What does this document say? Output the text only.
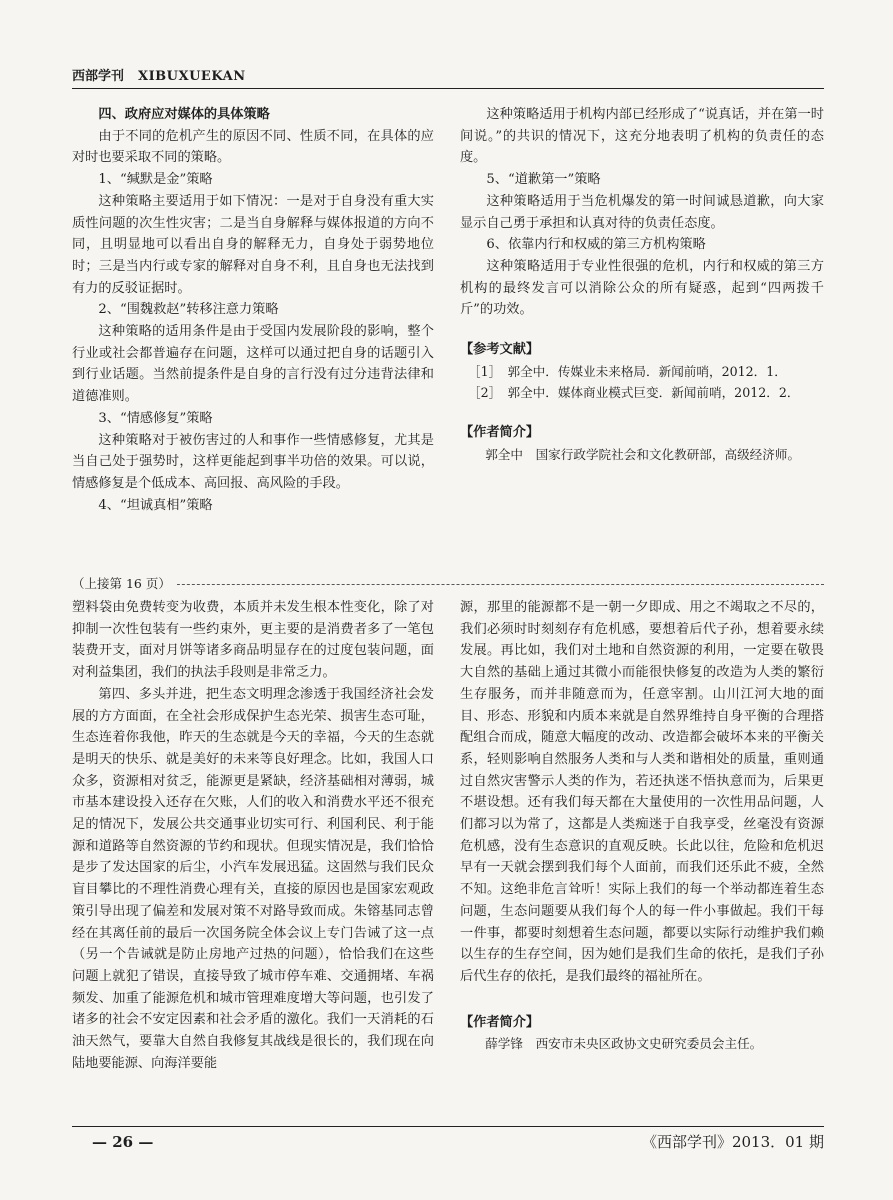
西部学刊 XIBUXUEKAN

四、政府应对媒体的具体策略

由于不同的危机产生的原因不同、性质不同，在具体的应对时也要采取不同的策略。

1、“缄默是金”策略

这种策略主要适用于如下情况：一是对于自身没有重大实质性问题的次生性灾害；二是当自身解释与媒体报道的方向不同，且明显地可以看出自身的解释无力，自身处于弱势地位时；三是当内行或专家的解释对自身不利，且自身也无法找到有力的反驳证据时。

2、“围魏救赵”转移注意力策略

这种策略的适用条件是由于受国内发展阶段的影响，整个行业或社会都普遍存在问题，这样可以通过把自身的话题引入到行业话题。当然前提条件是自身的言行没有过分违背法律和道德准则。

3、“情感修复”策略

这种策略对于被伤害过的人和事作一些情感修复，尤其是当自己处于强势时，这样更能起到事半功倍的效果。可以说，情感修复是个低成本、高回报、高风险的手段。

4、“坦诚真相”策略

这种策略适用于机构内部已经形成了“说真话，并在第一时间说。”的共识的情况下，这充分地表明了机构的负责任的态度。

5、“道歉第一”策略

这种策略适用于当危机爆发的第一时间诚恳道歉，向大家显示自己勇于承担和认真对待的负责任态度。

6、依靠内行和权威的第三方机构策略

这种策略适用于专业性很强的危机，内行和权威的第三方机构的最终发言可以消除公众的所有疑惑，起到“四两拨千斤”的功效。

【参考文献】

［1］　郭全中．传媒业未来格局．新闻前哨，2012．1．

［2］　郭全中．媒体商业模式巨变．新闻前哨，2012．2．

【作者简介】

郭全中　国家行政学院社会和文化教研部，高级经济师。

（上接第 16 页）

塑料袋由免费转变为收费，本质并未发生根本性变化，除了对抑制一次性包装有一些约束外，更主要的是消费者多了一笔包装费开支，面对月饼等诸多商品明显存在的过度包装问题，面对利益集团，我们的执法手段则是非常乏力。

第四、多头并进，把生态文明理念渗透于我国经济社会发展的方方面面，在全社会形成保护生态光荣、损害生态可耻，生态连着你我他，昨天的生态就是今天的幸福，今天的生态就是明天的快乐、就是美好的未来等良好理念。比如，我国人口众多，资源相对贫乏，能源更是紧缺，经济基础相对薄弱，城市基本建设投入还存在欠账，人们的收入和消费水平还不很充足的情况下，发展公共交通事业切实可行、利国利民、利于能源和道路等自然资源的节约和现状。但现实情况是，我们恰恰是步了发达国家的后尘，小汽车发展迅猛。这固然与我们民众盲目攀比的不理性消费心理有关，直接的原因也是国家宏观政策引导出现了偏差和发展对策不对路导致而成。朱镕基同志曾经在其离任前的最后一次国务院全体会议上专门告诫了这一点（另一个告诫就是防止房地产过热的问题），恰恰我们在这些问题上就犯了错误，直接导致了城市停车难、交通拥堵、车祸频发、加重了能源危机和城市管理难度增大等问题，也引发了诸多的社会不安定因素和社会矛盾的激化。我们一天消耗的石油天然气，要靠大自然自我修复其战线是很长的，我们现在向陆地要能源、向海洋要能

源，那里的能源都不是一朝一夕即成、用之不竭取之不尽的，我们必须时时刻刻存有危机感，要想着后代子孙，想着要永续发展。再比如，我们对土地和自然资源的利用，一定要在敬畏大自然的基础上通过其微小而能很快修复的改造为人类的繁衍生存服务，而并非随意而为，任意宰割。山川江河大地的面目、形态、形貌和内质本来就是自然界维持自身平衡的合理搭配组合而成，随意大幅度的改动、改造都会破坏本来的平衡关系，轻则影响自然服务人类和与人类和谐相处的质量，重则通过自然灾害警示人类的作为，若还执迷不悟执意而为，后果更不堪设想。还有我们每天都在大量使用的一次性用品问题，人们都习以为常了，这都是人类痴迷于自我享受，丝毫没有资源危机感，没有生态意识的直观反映。长此以往，危险和危机迟早有一天就会摆到我们每个人面前，而我们还乐此不疲，全然不知。这绝非危言耸听！实际上我们的每一个举动都连着生态问题，生态问题要从我们每个人的每一件小事做起。我们干每一件事，都要时刻想着生态问题，都要以实际行动维护我们赖以生存的生存空间，因为她们是我们生命的依托，是我们子孙后代生存的依托，是我们最终的福祉所在。

【作者简介】

薛学锋　西安市未央区政协文史研究委员会主任。

— 26 —	《西部学刊》2013．01 期
